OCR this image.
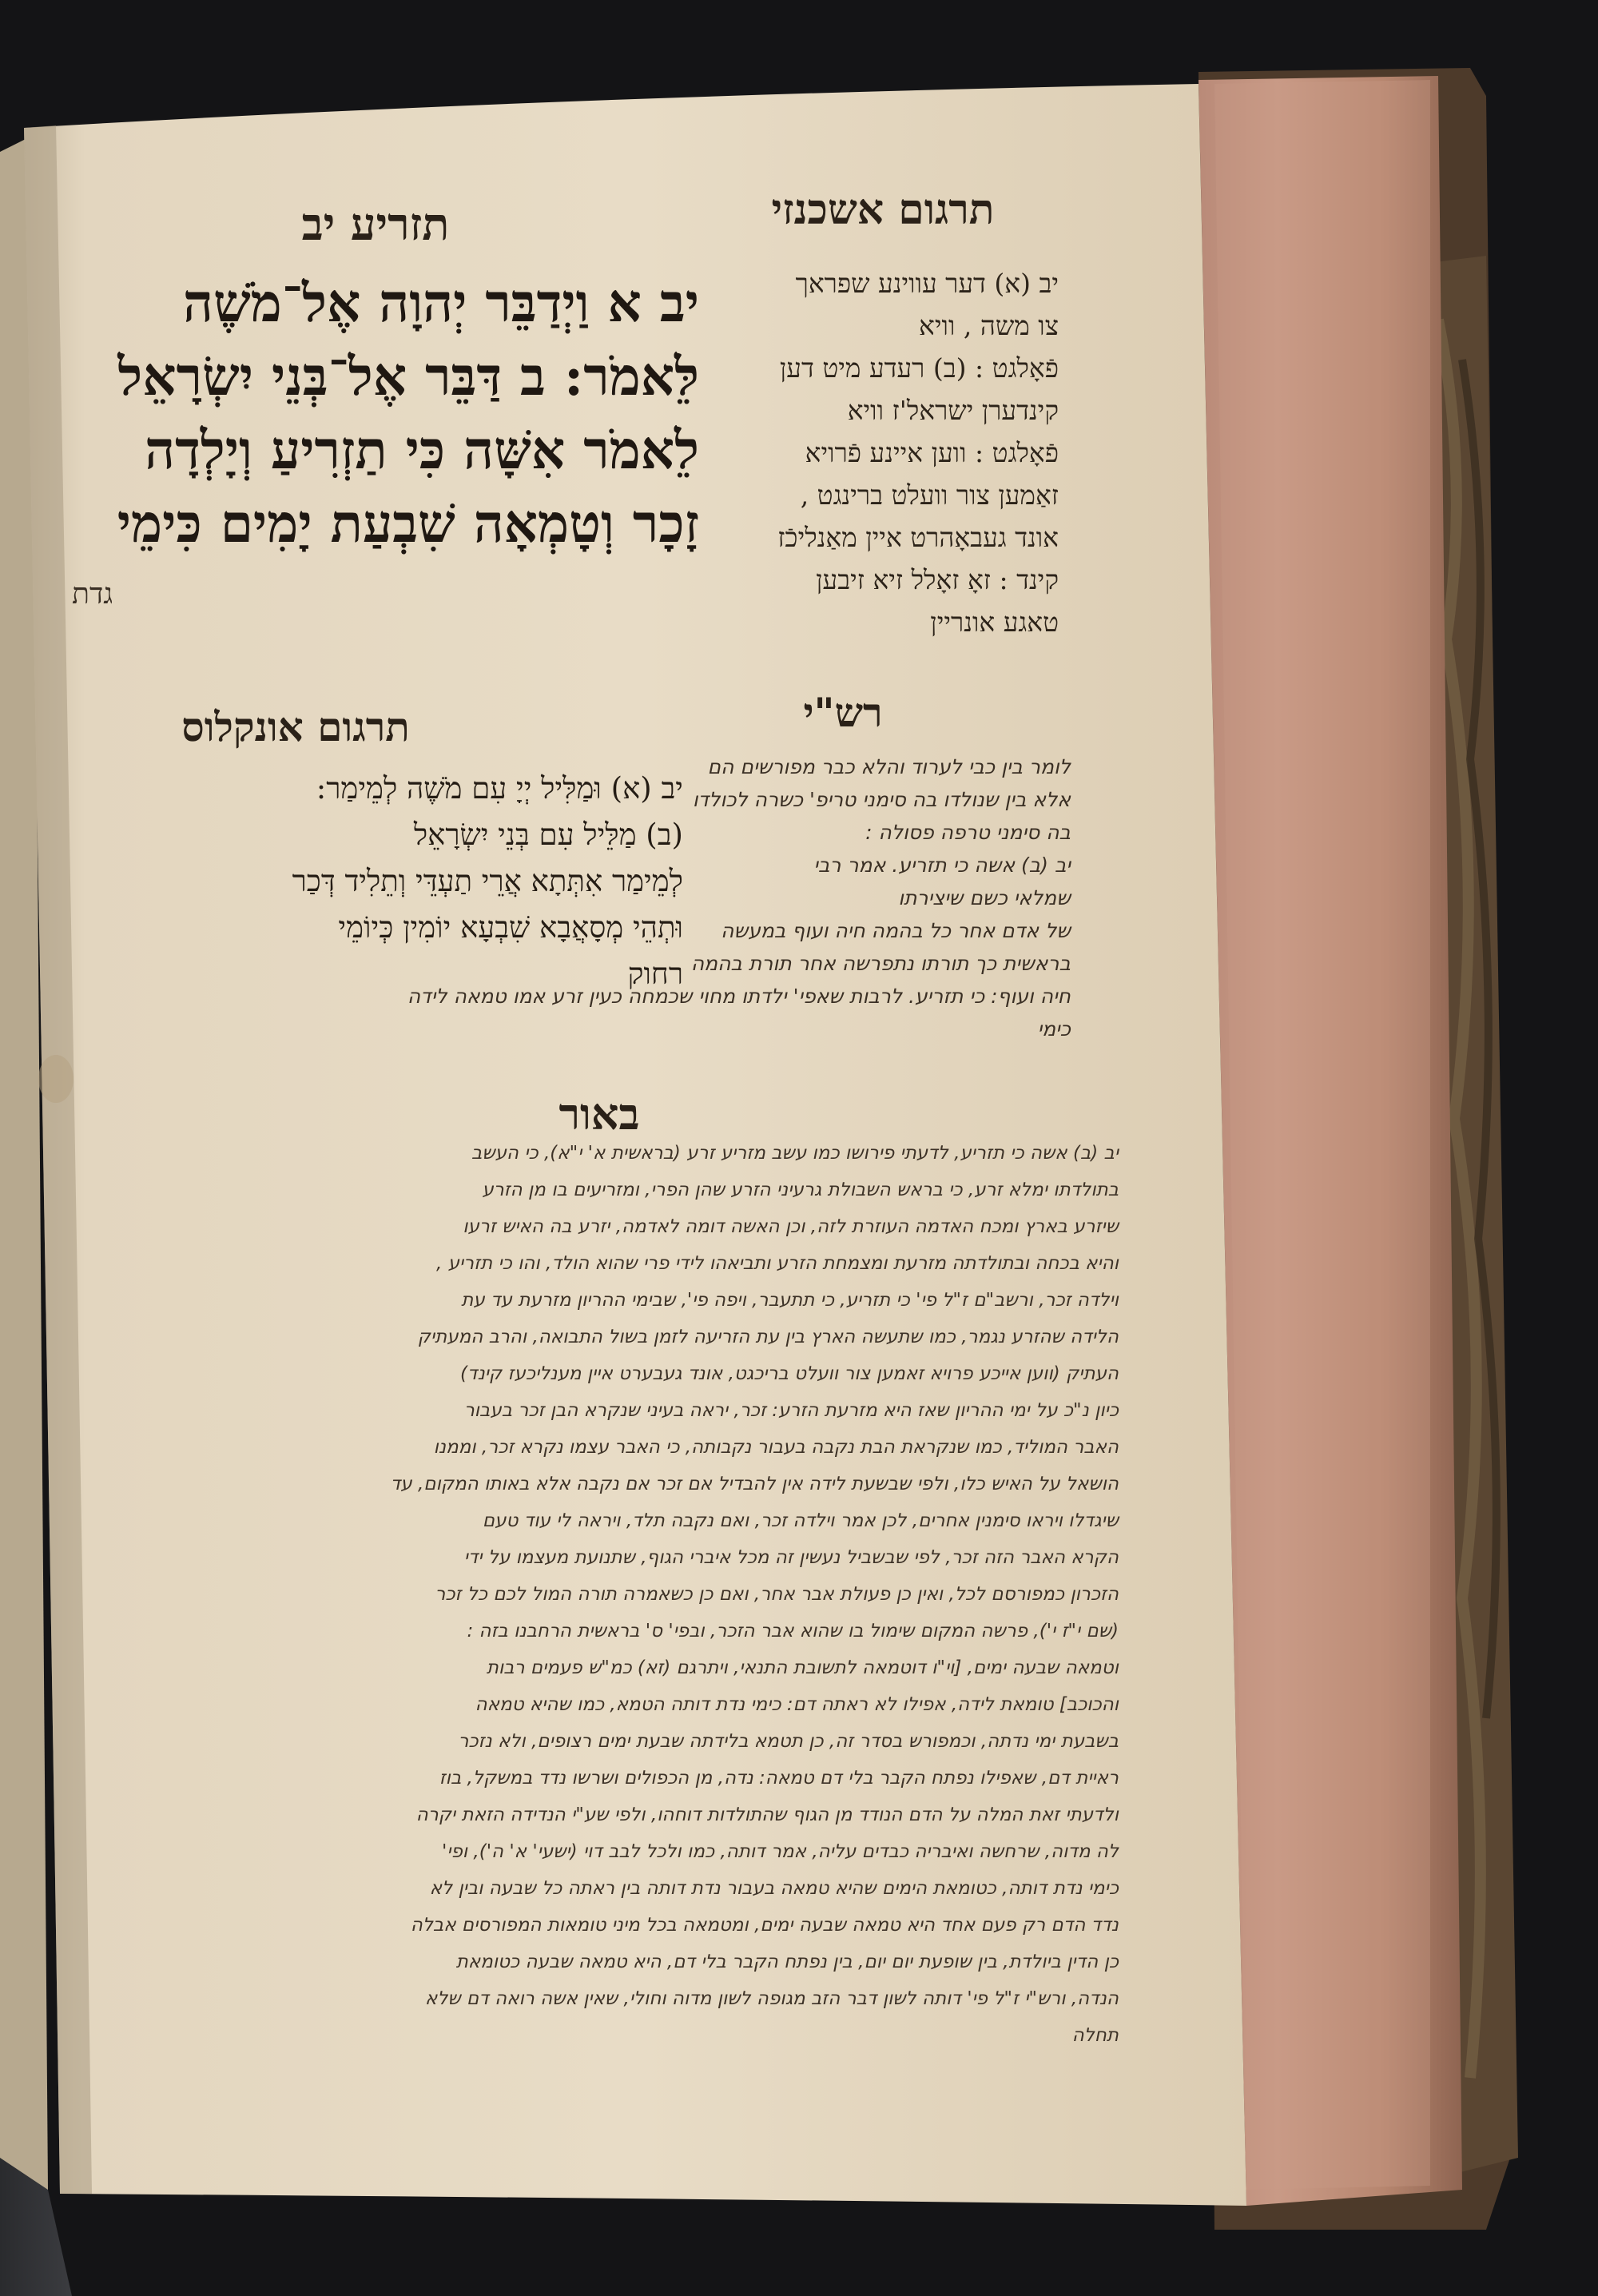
תרגום אשכנזי
תזריע יב
יב א וַיְדַבֵּר יְהוָה אֶל־מֹשֶׁה
לֵּאמֹר: ב דַּבֵּר אֶל־בְּנֵי יִשְׂרָאֵל
לֵאמֹר אִשָּׁה כִּי תַזְרִיעַ וְיָלְדָה
זָכָר וְטָמְאָה שִׁבְעַת יָמִים כִּימֵי
גדת
יב (א) דער עווינע שפראך
צו משה , וויא
פֿאָלגט : (ב) רעדע מיט דען
קינדערן ישראל'ז וויא
פֿאָלגט : ווען איינע פֿרויא
זאַמען צור וועלט ברינגט ,
אונד געבאָהרט איין מאַנליכֿז
קינד : זאָ זאָלל זיא זיבען
טאגע אונריין
תרגום אונקלוס	רש"י
יב (א) וּמַלִּיל יְיָ עִם מֹשֶׁה לְמֵימַר:
(ב) מַלֵּיל עִם בְּנֵי יִשְׂרָאֵל
לְמֵימַר אִתְּתָא אֲרֵי תַעְדֵּי וְתֵלִיד דְּכַר
וּתְהֵי מְסָאֲבָא שִׁבְעָא יוֹמִין כְּיוֹמֵי
רחוק
לומר בין כבי לערוד והלא כבר מפורשים הם
אלא בין שנולדו בה סימני טריפ' כשרה לכולדו
בה סימני טרפה פסולה :
יב (ב) אשה כי תזריע. אמר רבי
שמלאי כשם שיצירתו
של אדם אחר כל בהמה חיה ועוף במעשה
בראשית כך תורתו נתפרשה אחר תורת בהמה
חיה ועוף: כי תזריע. לרבות שאפי' ילדתו מחוי שכמחה כעין זרע אמו טמאה לידה
כימי
באור
יב (ב) אשה כי תזריע, לדעתי פירושו כמו עשב מזריע זרע (בראשית א' י"א), כי העשב
בתולדתו ימלא זרע, כי בראש השבולת גרעיני הזרע שהן הפרי, ומזריעים בו מן הזרע
שיזרע בארץ ומכח האדמה העוזרת לזה, וכן האשה דומה לאדמה, יזרע בה האיש זרעו
והיא בכחה ובתולדתה מזרעת ומצמחת הזרע ותביאהו לידי פרי שהוא הולד, והו כי תזריע ,
וילדה זכר, ורשב"ם ז"ל פי' כי תזריע, כי תתעבר, ויפה פי', שבימי ההריון מזרעת עד עת
הלידה שהזרע נגמר, כמו שתעשה הארץ בין עת הזריעה לזמן בשול התבואה, והרב המעתיק
העתיק (ווען אייכע פרויא זאמען צור וועלט בריכגט, אונד געבערט איין מענליכעז קינד)
כיון נ"כ על ימי ההריון שאז היא מזרעת הזרע: זכר, יראה בעיני שנקרא הבן זכר בעבור
האבר המוליד, כמו שנקראת הבת נקבה בעבור נקבותה, כי האבר עצמו נקרא זכר, וממנו
הושאל על האיש כלו, ולפי שבשעת לידה אין להבדיל אם זכר אם נקבה אלא באותו המקום, עד
שיגדלו ויראו סימנין אחרים, לכן אמר וילדה זכר, ואם נקבה תלד, ויראה לי עוד טעם
הקרא האבר הזה זכר, לפי שבשביל נעשין זה מכל איברי הגוף, שתנועת מעצמו על ידי
הזכרון כמפורסם לכל, ואין כן פעולת אבר אחר, ואם כן כשאמרה תורה המול לכם כל זכר
(שם י"ז י'), פרשה המקום שימול בו שהוא אבר הזכר, ובפי' ס' בראשית הרחבנו בזה :
וטמאה שבעה ימים, [וי"ו דוטמאה לתשובת התנאי, ויתרגם (זא) כמ"ש פעמים רבות
והכוכב] טומאת לידה, אפילו לא ראתה דם: כימי נדת דותה הטמא, כמו שהיא טמאה
בשבעת ימי נדתה, וכמפורש בסדר זה, כן תטמא בלידתה שבעת ימים רצופים, ולא נזכר
ראיית דם, שאפילו נפתח הקבר בלי דם טמאה: נדה, מן הכפולים ושרשו נדד במשקל, בוז
ולדעתי זאת המלה על הדם הנודד מן הגוף שהתולדות דוחהו, ולפי שע"י הנדידה הזאת יקרה
לה מדוה, שרחשה ואיבריה כבדים עליה, אמר דותה, כמו ולכל לבב דוי (ישעי' א' ה'), ופי'
כימי נדת דותה, כטומאת הימים שהיא טמאה בעבור נדת דותה בין ראתה כל שבעה ובין לא
נדד הדם רק פעם אחד היא טמאה שבעה ימים, ומטמאה בכל מיני טומאות המפורסים אבלה
כן הדין ביולדת, בין שופעת יום יום, בין נפתח הקבר בלי דם, היא טמאה שבעה כטומאת
הנדה, ורש"י ז"ל פי' דותה לשון דבר הזב מגופה לשון מדוה וחולי, שאין אשה רואה דם שלא
תחלה
